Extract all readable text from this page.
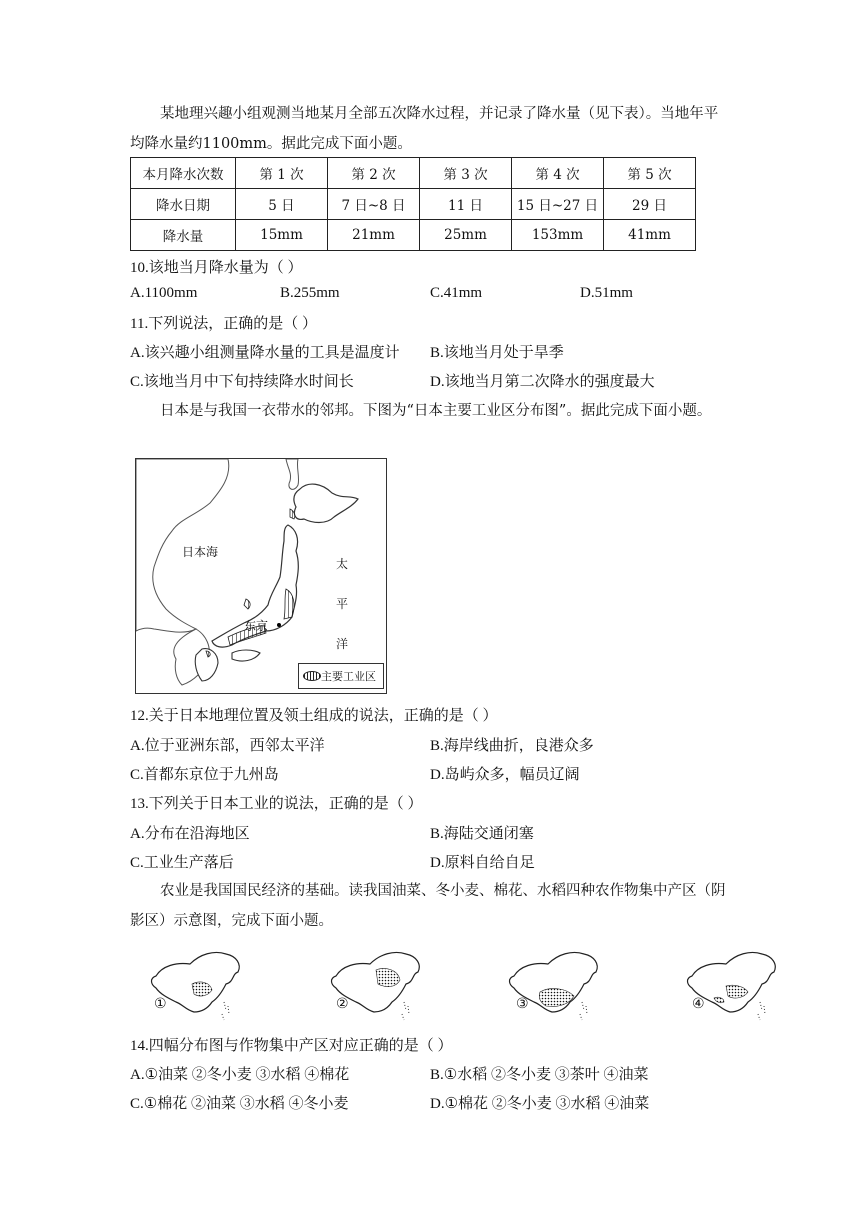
某地理兴趣小组观测当地某月全部五次降水过程，并记录了降水量（见下表）。当地年平均降水量约1100mm。据此完成下面小题。
本月降水次数	第 1 次	第 2 次	第 3 次	第 4 次	第 5 次
降水日期	5 日	7 日~8 日	11 日	15 日~27 日	29 日
降水量	15mm	21mm	25mm	153mm	41mm
10.该地当月降水量为（ ）
A.1100mm	B.255mm	C.41mm	D.51mm
11.下列说法，正确的是（ ）
A.该兴趣小组测量降水量的工具是温度计 B.该地当月处于旱季
C.该地当月中下旬持续降水时间长	D.该地当月第二次降水的强度最大
日本是与我国一衣带水的邻邦。下图为“日本主要工业区分布图”。据此完成下面小题。
日本海
太
平
洋
东京
主要工业区
12.关于日本地理位置及领土组成的说法，正确的是（ ）
A.位于亚洲东部，西邻太平洋	B.海岸线曲折，良港众多
C.首都东京位于九州岛	D.岛屿众多，幅员辽阔
13.下列关于日本工业的说法，正确的是（ ）
A.分布在沿海地区	B.海陆交通闭塞
C.工业生产落后	D.原料自给自足
农业是我国国民经济的基础。读我国油菜、冬小麦、棉花、水稻四种农作物集中产区（阴影区）示意图，完成下面小题。
①	②	③	④
14.四幅分布图与作物集中产区对应正确的是（ ）
A.①油菜 ②冬小麦 ③水稻 ④棉花	B.①水稻 ②冬小麦 ③茶叶 ④油菜
C.①棉花 ②油菜 ③水稻 ④冬小麦	D.①棉花 ②冬小麦 ③水稻 ④油菜
